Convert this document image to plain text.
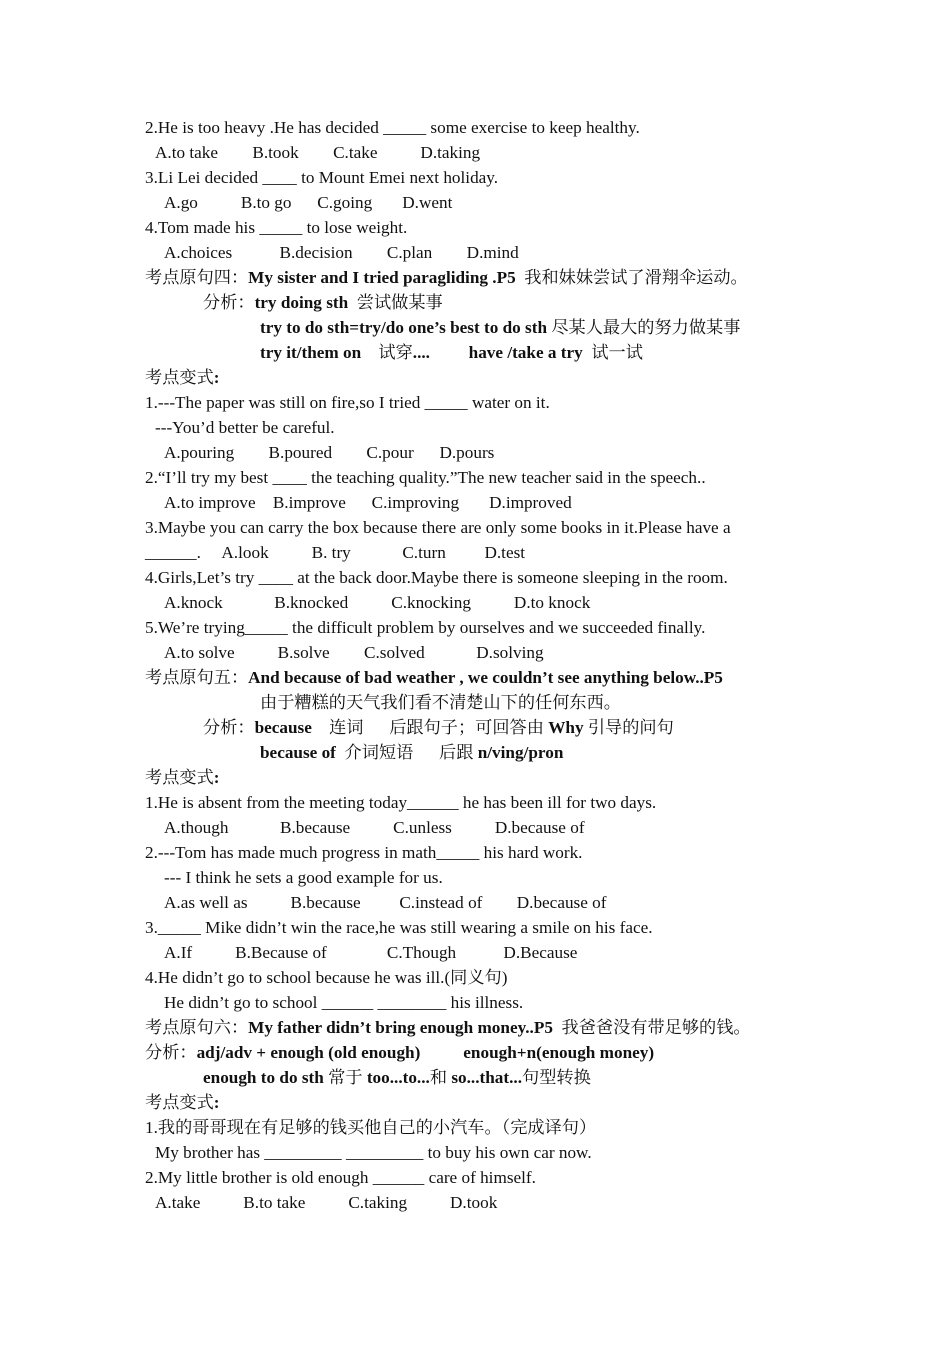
2.He is too heavy .He has decided _____ some exercise to keep healthy.
A.to take        B.took        C.take          D.taking
3.Li Lei decided ____ to Mount Emei next holiday.
A.go          B.to go      C.going       D.went
4.Tom made his _____ to lose weight.
A.choices           B.decision        C.plan        D.mind
考点原句四：My sister and I tried paragliding .P5  我和妹妹尝试了滑翔伞运动。
分析：try doing sth  尝试做某事
try to do sth=try/do one’s best to do sth 尽某人最大的努力做某事
try it/them on    试穿.... have /take a try  试一试
考点变式:
1.---The paper was still on fire,so I tried _____ water on it.
---You’d better be careful.
A.pouring        B.poured        C.pour      D.pours
2.“I’ll try my best ____ the teaching quality.”The new teacher said in the speech..
A.to improve    B.improve      C.improving       D.improved
3.Maybe you can carry the box because there are only some books in it.Please have a
______.     A.look          B. try            C.turn         D.test
4.Girls,Let’s try ____ at the back door.Maybe there is someone sleeping in the room.
A.knock            B.knocked          C.knocking          D.to knock
5.We’re trying_____ the difficult problem by ourselves and we succeeded finally.
A.to solve          B.solve        C.solved            D.solving
考点原句五：And because of bad weather , we couldn’t see anything below..P5
由于糟糕的天气我们看不清楚山下的任何东西。
分析：because    连词      后跟句子；可回答由 Why 引导的问句
because of  介词短语      后跟 n/ving/pron
考点变式:
1.He is absent from the meeting today______ he has been ill for two days.
A.though            B.because          C.unless          D.because of
2.---Tom has made much progress in math_____ his hard work.
--- I think he sets a good example for us.
A.as well as          B.because         C.instead of        D.because of
3._____ Mike didn’t win the race,he was still wearing a smile on his face.
A.If          B.Because of              C.Though           D.Because
4.He didn’t go to school because he was ill.(同义句)
He didn’t go to school ______ ________ his illness.
考点原句六：My father didn’t bring enough money..P5  我爸爸没有带足够的钱。
分析：adj/adv + enough (old enough) enough+n(enough money)
enough to do sth 常于 too...to...和 so...that...句型转换
考点变式:
1.我的哥哥现在有足够的钱买他自己的小汽车。（完成译句）
My brother has _________ _________ to buy his own car now.
2.My little brother is old enough ______ care of himself.
A.take          B.to take          C.taking          D.took
